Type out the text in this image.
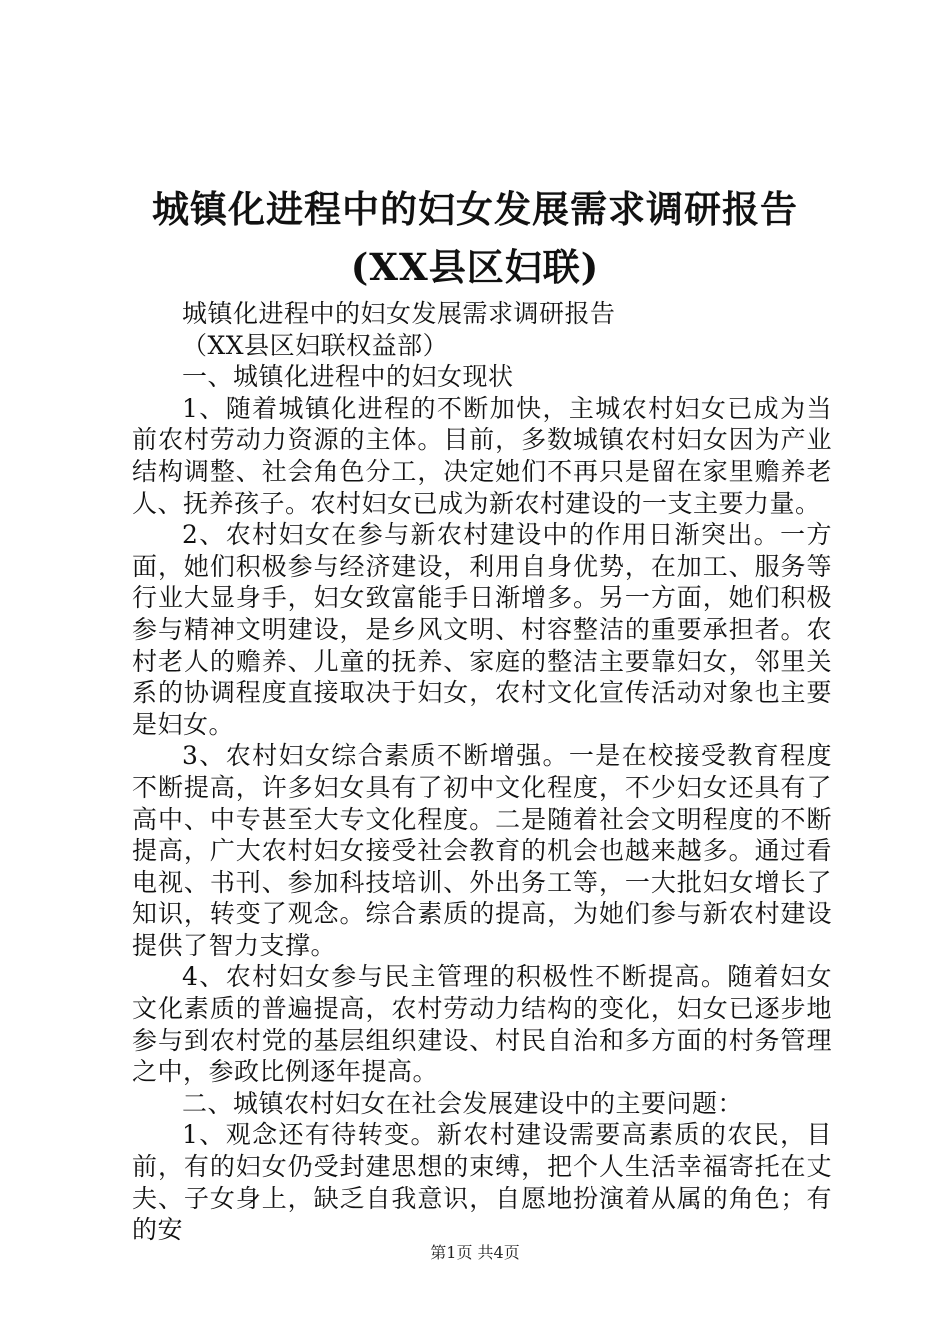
城镇化进程中的妇女发展需求调研报告(XX县区妇联)

城镇化进程中的妇女发展需求调研报告

（XX县区妇联权益部）

一、城镇化进程中的妇女现状

1、随着城镇化进程的不断加快，主城农村妇女已成为当前农村劳动力资源的主体。目前，多数城镇农村妇女因为产业结构调整、社会角色分工，决定她们不再只是留在家里赡养老人、抚养孩子。农村妇女已成为新农村建设的一支主要力量。

2、农村妇女在参与新农村建设中的作用日渐突出。一方面，她们积极参与经济建设，利用自身优势，在加工、服务等行业大显身手，妇女致富能手日渐增多。另一方面，她们积极参与精神文明建设，是乡风文明、村容整洁的重要承担者。农村老人的赡养、儿童的抚养、家庭的整洁主要靠妇女，邻里关系的协调程度直接取决于妇女，农村文化宣传活动对象也主要是妇女。

3、农村妇女综合素质不断增强。一是在校接受教育程度不断提高，许多妇女具有了初中文化程度，不少妇女还具有了高中、中专甚至大专文化程度。二是随着社会文明程度的不断提高，广大农村妇女接受社会教育的机会也越来越多。通过看电视、书刊、参加科技培训、外出务工等，一大批妇女增长了知识，转变了观念。综合素质的提高，为她们参与新农村建设提供了智力支撑。

4、农村妇女参与民主管理的积极性不断提高。随着妇女文化素质的普遍提高，农村劳动力结构的变化，妇女已逐步地参与到农村党的基层组织建设、村民自治和多方面的村务管理之中，参政比例逐年提高。

二、城镇农村妇女在社会发展建设中的主要问题：

1、观念还有待转变。新农村建设需要高素质的农民，目前，有的妇女仍受封建思想的束缚，把个人生活幸福寄托在丈夫、子女身上，缺乏自我意识，自愿地扮演着从属的角色；有的安

第1页 共4页
